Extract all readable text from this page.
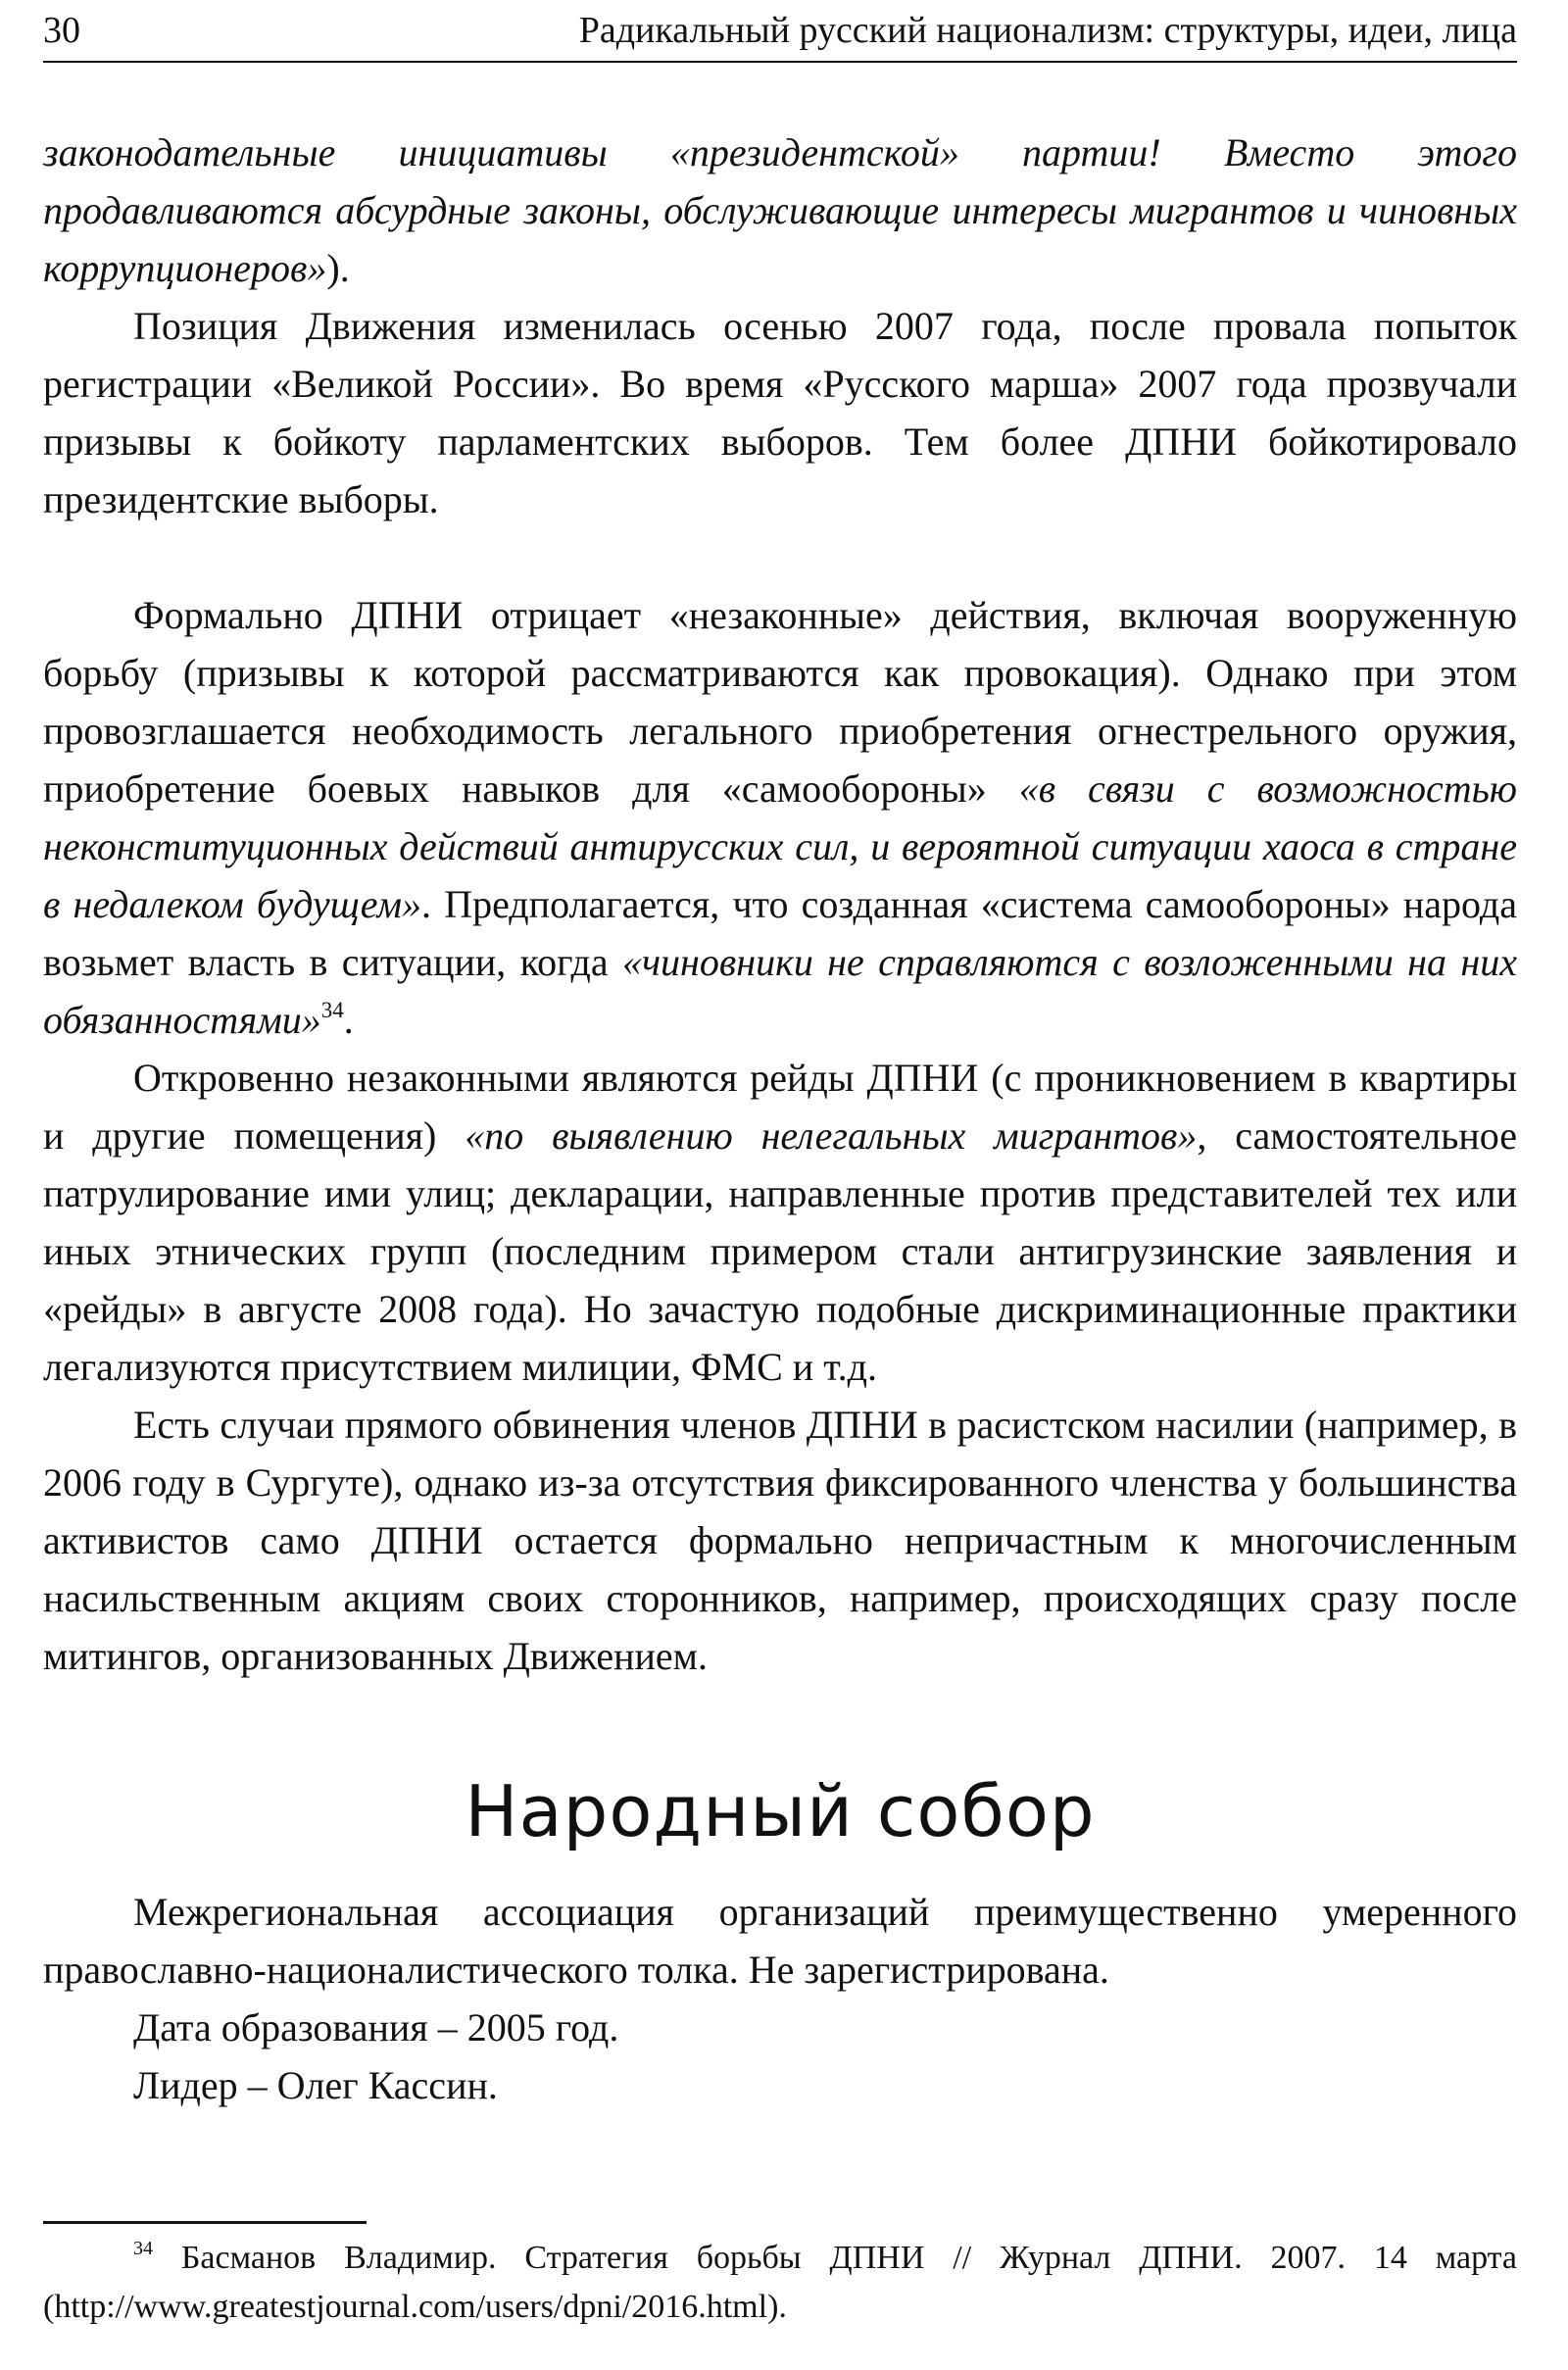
30	Радикальный русский национализм: структуры, идеи, лица

законодательные инициативы «президентской» партии! Вместо этого продавливаются абсурдные законы, обслуживающие интересы мигрантов и чиновных коррупционеров»).

Позиция Движения изменилась осенью 2007 года, после провала попыток регистрации «Великой России». Во время «Русского марша» 2007 года прозвучали призывы к бойкоту парламентских выборов. Тем более ДПНИ бойкотировало президентские выборы.

Формально ДПНИ отрицает «незаконные» действия, включая вооруженную борьбу (призывы к которой рассматриваются как провокация). Однако при этом провозглашается необходимость легального приобретения огнестрельного оружия, приобретение боевых навыков для «самообороны» «в связи с возможностью неконституционных действий антирусских сил, и вероятной ситуации хаоса в стране в недалеком будущем». Предполагается, что созданная «система самообороны» народа возьмет власть в ситуации, когда «чиновники не справляются с возложенными на них обязанностями»$^{34}$.

Откровенно незаконными являются рейды ДПНИ (с проникновением в квартиры и другие помещения) «по выявлению нелегальных мигрантов», самостоятельное патрулирование ими улиц; декларации, направленные против представителей тех или иных этнических групп (последним примером стали антигрузинские заявления и «рейды» в августе 2008 года). Но зачастую подобные дискриминационные практики легализуются присутствием милиции, ФМС и т.д.

Есть случаи прямого обвинения членов ДПНИ в расистском насилии (например, в 2006 году в Сургуте), однако из-за отсутствия фиксированного членства у большинства активистов само ДПНИ остается формально непричастным к многочисленным насильственным акциям своих сторонников, например, происходящих сразу после митингов, организованных Движением.

Народный собор

Межрегиональная ассоциация организаций преимущественно умеренного православно-националистического толка. Не зарегистрирована.

Дата образования – 2005 год.

Лидер – Олег Кассин.

$^{34}$ Басманов Владимир. Стратегия борьбы ДПНИ // Журнал ДПНИ. 2007. 14 марта (http://www.greatestjournal.com/users/dpni/2016.html).
